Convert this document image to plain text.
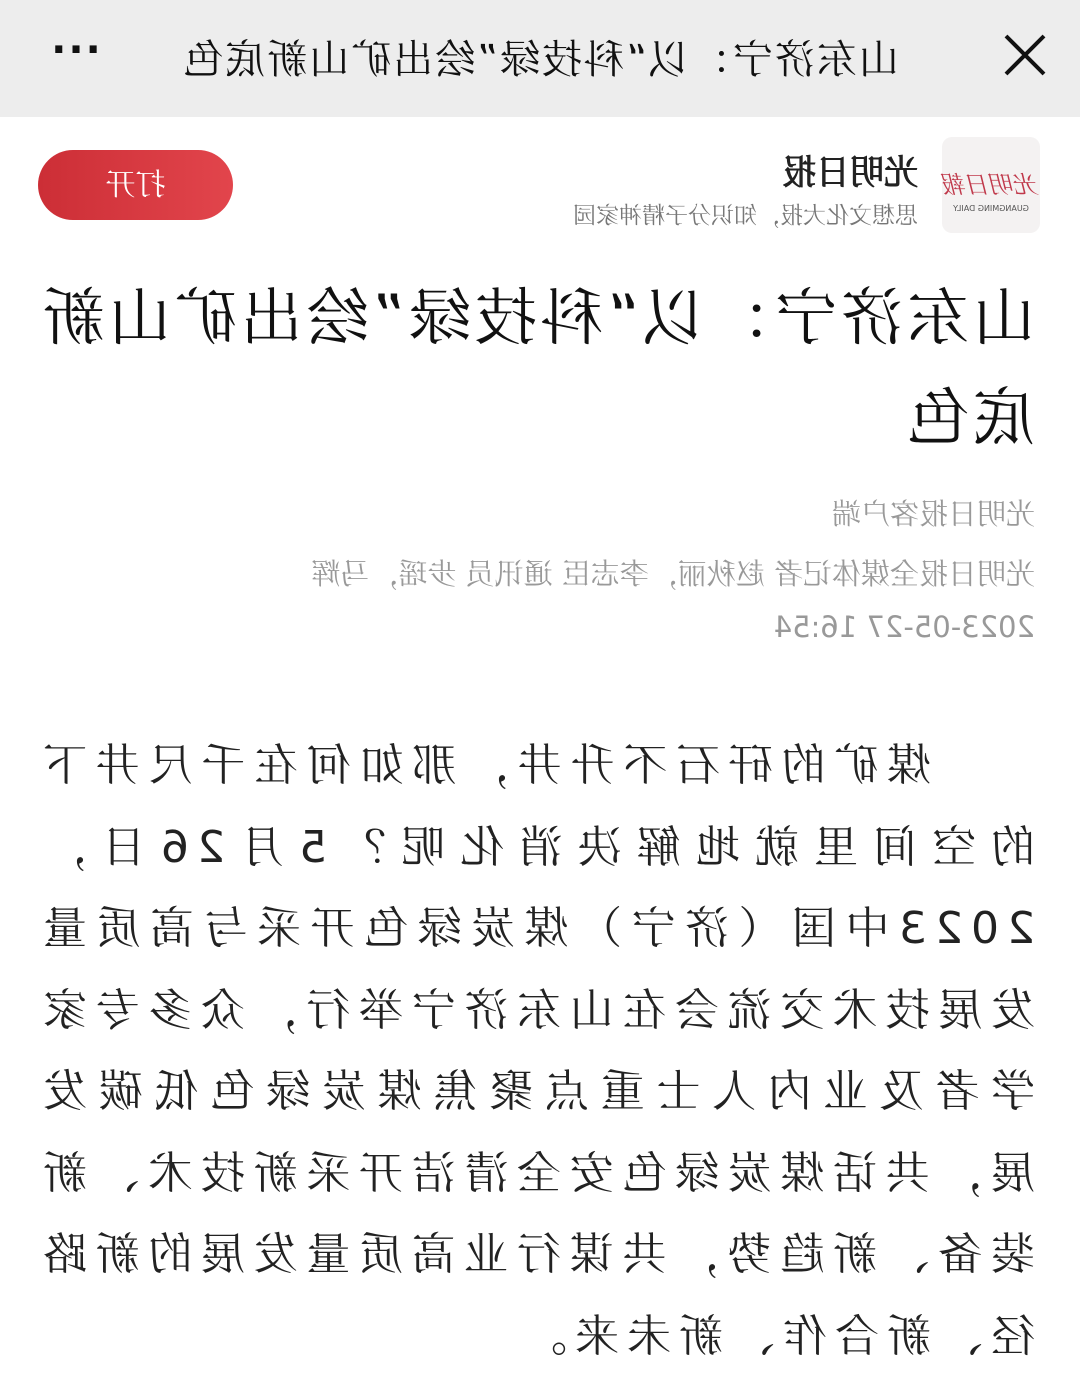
山东济宁：以“科技绿”绘出矿山新底色
···
光明日報
GUANGMING DAILY
光明日报
思想文化大报，知识分子精神家园
打开
山东济宁：以“科技绿”绘出矿山新底色
光明日报客户端
光明日报全媒体记者 赵秋丽，李志臣 通讯员 步瑶，马辉
2023-05-27 16:54
煤矿的矸石不升井，那如何在千尺井下的空间里就地解决消化呢？5月26日，2023中国（济宁）煤炭绿色开采与高质量发展技术交流会在山东济宁举行，众多专家学者及业内人士重点聚焦煤炭绿色低碳发展，共话煤炭绿色安全清洁开采新技术、新装备、新趋势，共谋行业高质量发展的新路径、新合作、新未来。
